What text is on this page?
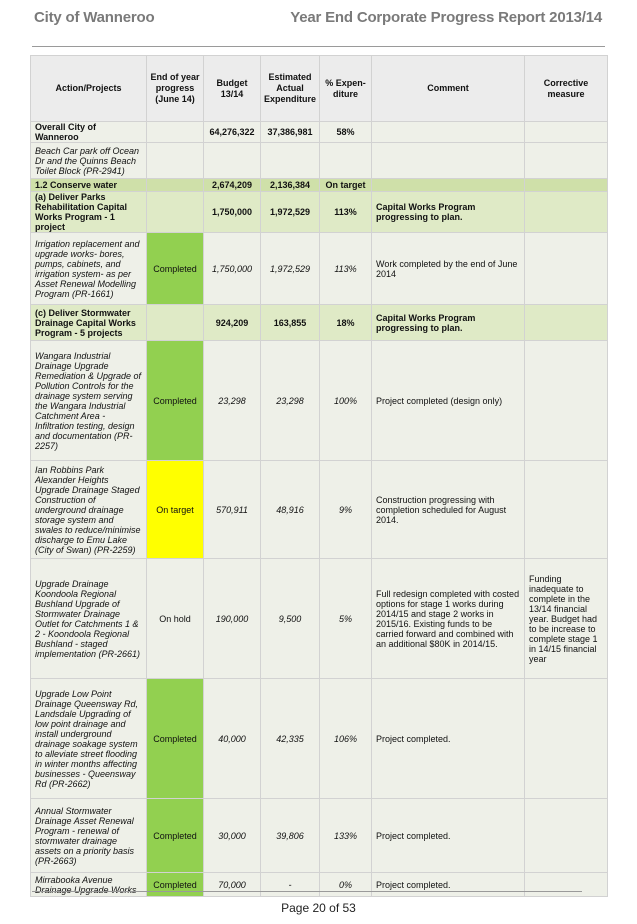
City of Wanneroo	Year End Corporate Progress Report 2013/14
Action/Projects	End of year progress (June 14)	Budget 13/14	Estimated Actual Expenditure	% Expen-diture	Comment	Corrective measure
Overall City of Wanneroo		64,276,322	37,386,981	58%		
Beach Car park off Ocean Dr and the Quinns Beach Toilet Block (PR-2941)						
1.2 Conserve water		2,674,209	2,136,384	On target		
(a) Deliver Parks Rehabilitation Capital Works Program - 1 project		1,750,000	1,972,529	113%	Capital Works Program progressing to plan.	
Irrigation replacement and upgrade works- bores, pumps, cabinets, and irrigation system- as per Asset Renewal Modelling Program (PR-1661)	Completed	1,750,000	1,972,529	113%	Work completed by the end of June 2014	
(c) Deliver Stormwater Drainage Capital Works Program - 5 projects		924,209	163,855	18%	Capital Works Program progressing to plan.	
Wangara Industrial Drainage Upgrade Remediation & Upgrade of Pollution Controls for the drainage system serving the Wangara Industrial Catchment Area - Infiltration testing, design and documentation (PR-2257)	Completed	23,298	23,298	100%	Project completed (design only)	
Ian Robbins Park Alexander Heights Upgrade Drainage Staged Construction of underground drainage storage system and swales to reduce/minimise discharge to Emu Lake (City of Swan) (PR-2259)	On target	570,911	48,916	9%	Construction progressing with completion scheduled for August 2014.	
Upgrade Drainage Koondoola Regional Bushland Upgrade of Stormwater Drainage Outlet for Catchments 1 & 2 - Koondoola Regional Bushland - staged implementation (PR-2661)	On hold	190,000	9,500	5%	Full redesign completed with costed options for stage 1 works during 2014/15 and stage 2 works in 2015/16. Existing funds to be carried forward and combined with an additional $80K in 2014/15.	Funding inadequate to complete in the 13/14 financial year. Budget had to be increase to complete stage 1 in 14/15 financial year
Upgrade Low Point Drainage Queensway Rd, Landsdale Upgrading of low point drainage and install underground drainage soakage system to alleviate street flooding in winter months affecting businesses - Queensway Rd (PR-2662)	Completed	40,000	42,335	106%	Project completed.	
Annual Stormwater Drainage Asset Renewal Program - renewal of stormwater drainage assets on a priority basis (PR-2663)	Completed	30,000	39,806	133%	Project completed.	
Mirrabooka Avenue Drainage Upgrade Works	Completed	70,000	-	0%	Project completed.	
Page 20 of 53
